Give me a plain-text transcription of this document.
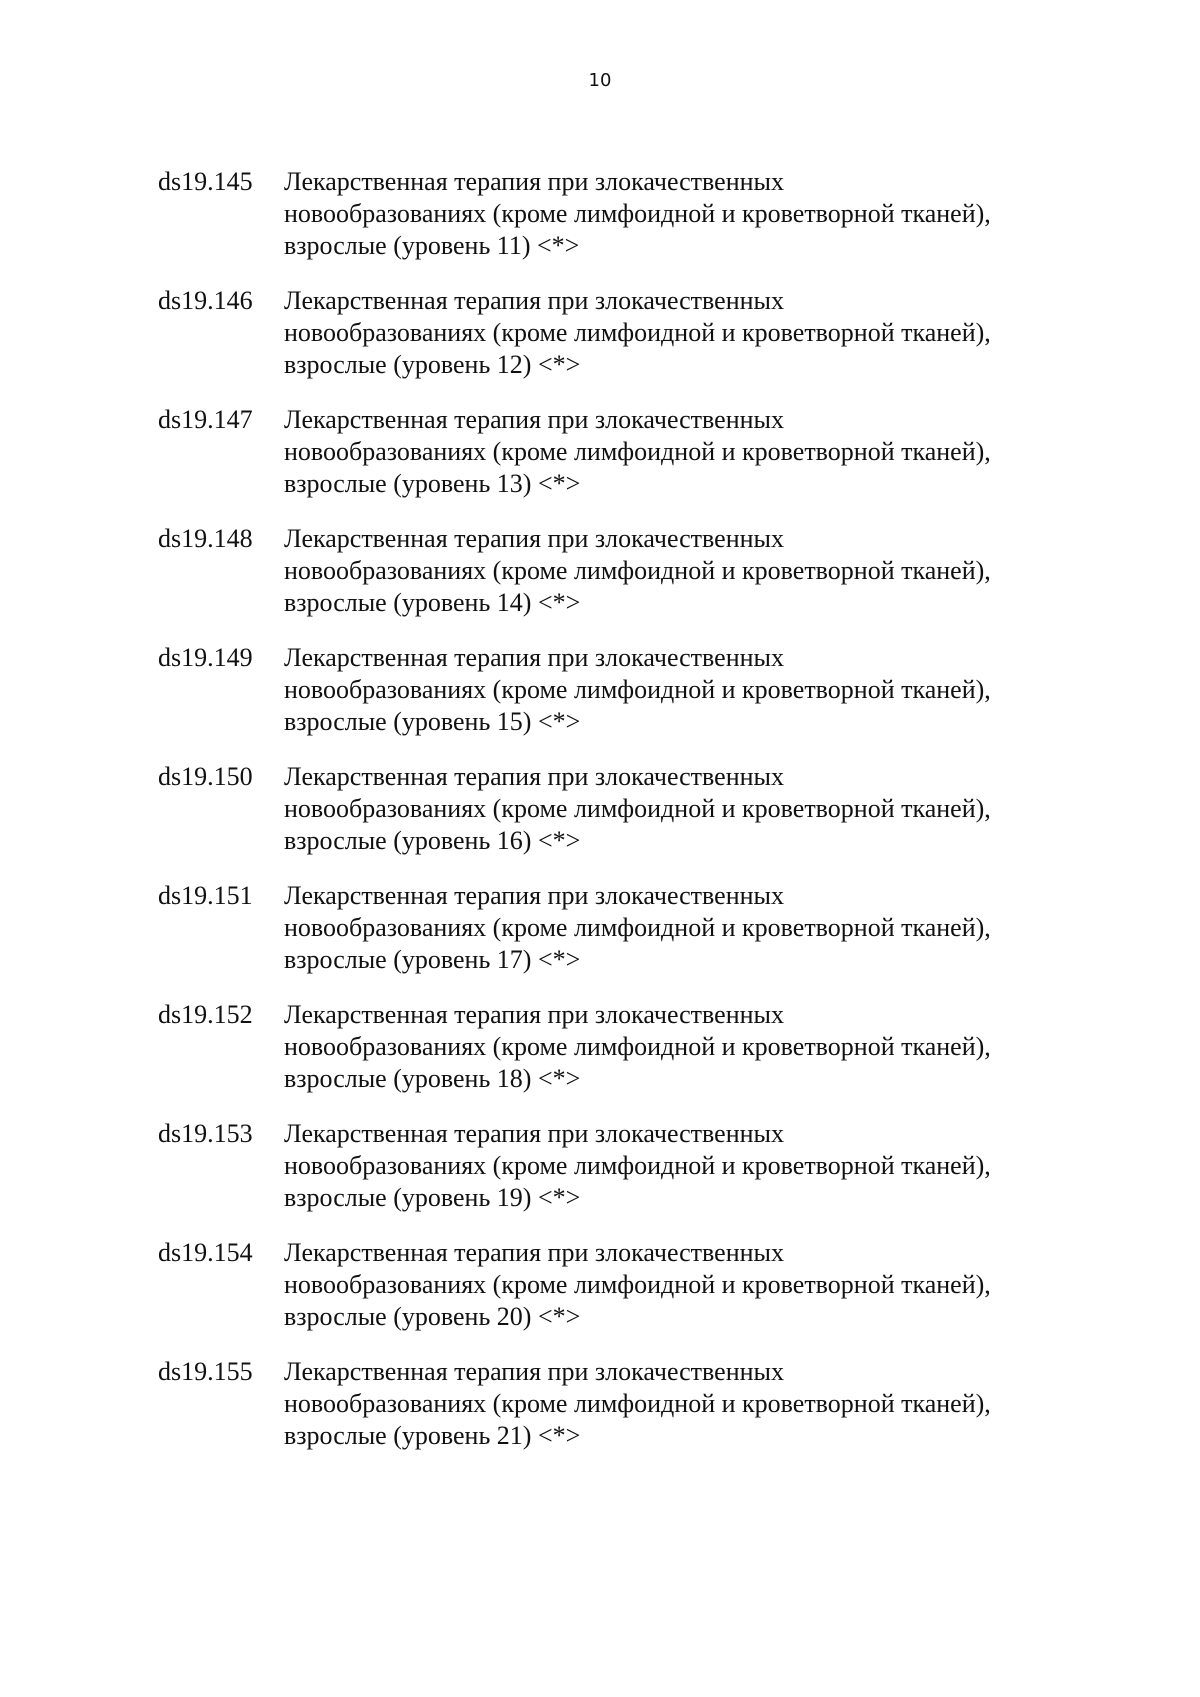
10
ds19.145	Лекарственная терапия при злокачественных
новообразованиях (кроме лимфоидной и кроветворной тканей),
взрослые (уровень 11) <*>
ds19.146	Лекарственная терапия при злокачественных
новообразованиях (кроме лимфоидной и кроветворной тканей),
взрослые (уровень 12) <*>
ds19.147	Лекарственная терапия при злокачественных
новообразованиях (кроме лимфоидной и кроветворной тканей),
взрослые (уровень 13) <*>
ds19.148	Лекарственная терапия при злокачественных
новообразованиях (кроме лимфоидной и кроветворной тканей),
взрослые (уровень 14) <*>
ds19.149	Лекарственная терапия при злокачественных
новообразованиях (кроме лимфоидной и кроветворной тканей),
взрослые (уровень 15) <*>
ds19.150	Лекарственная терапия при злокачественных
новообразованиях (кроме лимфоидной и кроветворной тканей),
взрослые (уровень 16) <*>
ds19.151	Лекарственная терапия при злокачественных
новообразованиях (кроме лимфоидной и кроветворной тканей),
взрослые (уровень 17) <*>
ds19.152	Лекарственная терапия при злокачественных
новообразованиях (кроме лимфоидной и кроветворной тканей),
взрослые (уровень 18) <*>
ds19.153	Лекарственная терапия при злокачественных
новообразованиях (кроме лимфоидной и кроветворной тканей),
взрослые (уровень 19) <*>
ds19.154	Лекарственная терапия при злокачественных
новообразованиях (кроме лимфоидной и кроветворной тканей),
взрослые (уровень 20) <*>
ds19.155	Лекарственная терапия при злокачественных
новообразованиях (кроме лимфоидной и кроветворной тканей),
взрослые (уровень 21) <*>
